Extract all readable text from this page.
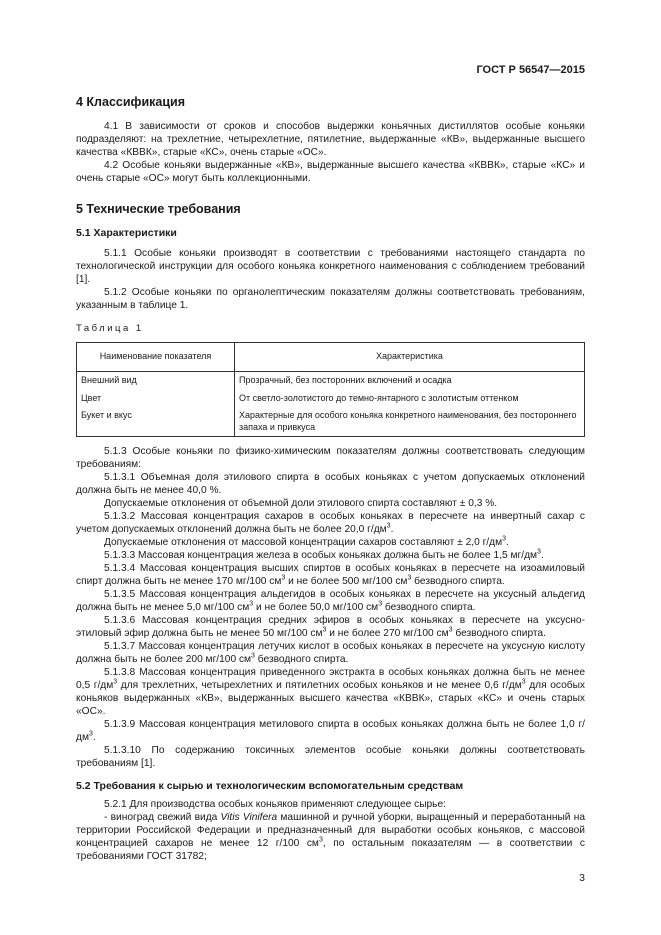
ГОСТ Р 56547—2015

4 Классификация

4.1 В зависимости от сроков и способов выдержки коньячных дистиллятов особые коньяки подразделяют: на трехлетние, четырехлетние, пятилетние, выдержанные «КВ», выдержанные высшего качества «КВВК», старые «КС», очень старые «ОС».

4.2 Особые коньяки выдержанные «КВ», выдержанные высшего качества «КВВК», старые «КС» и очень старые «ОС» могут быть коллекционными.

5 Технические требования

5.1 Характеристики

5.1.1 Особые коньяки производят в соответствии с требованиями настоящего стандарта по технологической инструкции для особого коньяка конкретного наименования с соблюдением требований [1].

5.1.2 Особые коньяки по органолептическим показателям должны соответствовать требованиям, указанным в таблице 1.

Таблица 1

Наименование показателя	Характеристика
Внешний вид	Прозрачный, без посторонних включений и осадка
Цвет	От светло-золотистого до темно-янтарного с золотистым оттенком
Букет и вкус	Характерные для особого коньяка конкретного наименования, без постороннего запаха и привкуса

5.1.3 Особые коньяки по физико-химическим показателям должны соответствовать следующим требованиям:

5.1.3.1 Объемная доля этилового спирта в особых коньяках с учетом допускаемых отклонений должна быть не менее 40,0 %.

Допускаемые отклонения от объемной доли этилового спирта составляют ± 0,3 %.

5.1.3.2 Массовая концентрация сахаров в особых коньяках в пересчете на инвертный сахар с учетом допускаемых отклонений должна быть не более 20,0 $г/дм^3$.

Допускаемые отклонения от массовой концентрации сахаров составляют ± 2,0 $г/дм^3$.

5.1.3.3 Массовая концентрация железа в особых коньяках должна быть не более 1,5 $мг/дм^3$.

5.1.3.4 Массовая концентрация высших спиртов в особых коньяках в пересчете на изоамиловый спирт должна быть не менее 170 мг/100 $см^3$ и не более 500 мг/100 $см^3$ безводного спирта.

5.1.3.5 Массовая концентрация альдегидов в особых коньяках в пересчете на уксусный альдегид должна быть не менее 5,0 мг/100 $см^3$ и не более 50,0 мг/100 $см^3$ безводного спирта.

5.1.3.6 Массовая концентрация средних эфиров в особых коньяках в пересчете на уксусно-этиловый эфир должна быть не менее 50 мг/100 $см^3$ и не более 270 мг/100 $см^3$ безводного спирта.

5.1.3.7 Массовая концентрация летучих кислот в особых коньяках в пересчете на уксусную кислоту должна быть не более 200 мг/100 $см^3$ безводного спирта.

5.1.3.8 Массовая концентрация приведенного экстракта в особых коньяках должна быть не менее 0,5 $г/дм^3$ для трехлетних, четырехлетних и пятилетних особых коньяков и не менее 0,6 $г/дм^3$ для особых коньяков выдержанных «КВ», выдержанных высшего качества «КВВК», старых «КС» и очень старых «ОС».

5.1.3.9 Массовая концентрация метилового спирта в особых коньяках должна быть не более 1,0 $г/дм^3$.

5.1.3.10 По содержанию токсичных элементов особые коньяки должны соответствовать требованиям [1].

5.2 Требования к сырью и технологическим вспомогательным средствам

5.2.1 Для производства особых коньяков применяют следующее сырье:

- виноград свежий вида Vitis Vinifera машинной и ручной уборки, выращенный и переработанный на территории Российской Федерации и предназначенный для выработки особых коньяков, с массовой концентрацией сахаров не менее 12 г/100 $см^3$, по остальным показателям — в соответствии с требованиями ГОСТ 31782;

3
